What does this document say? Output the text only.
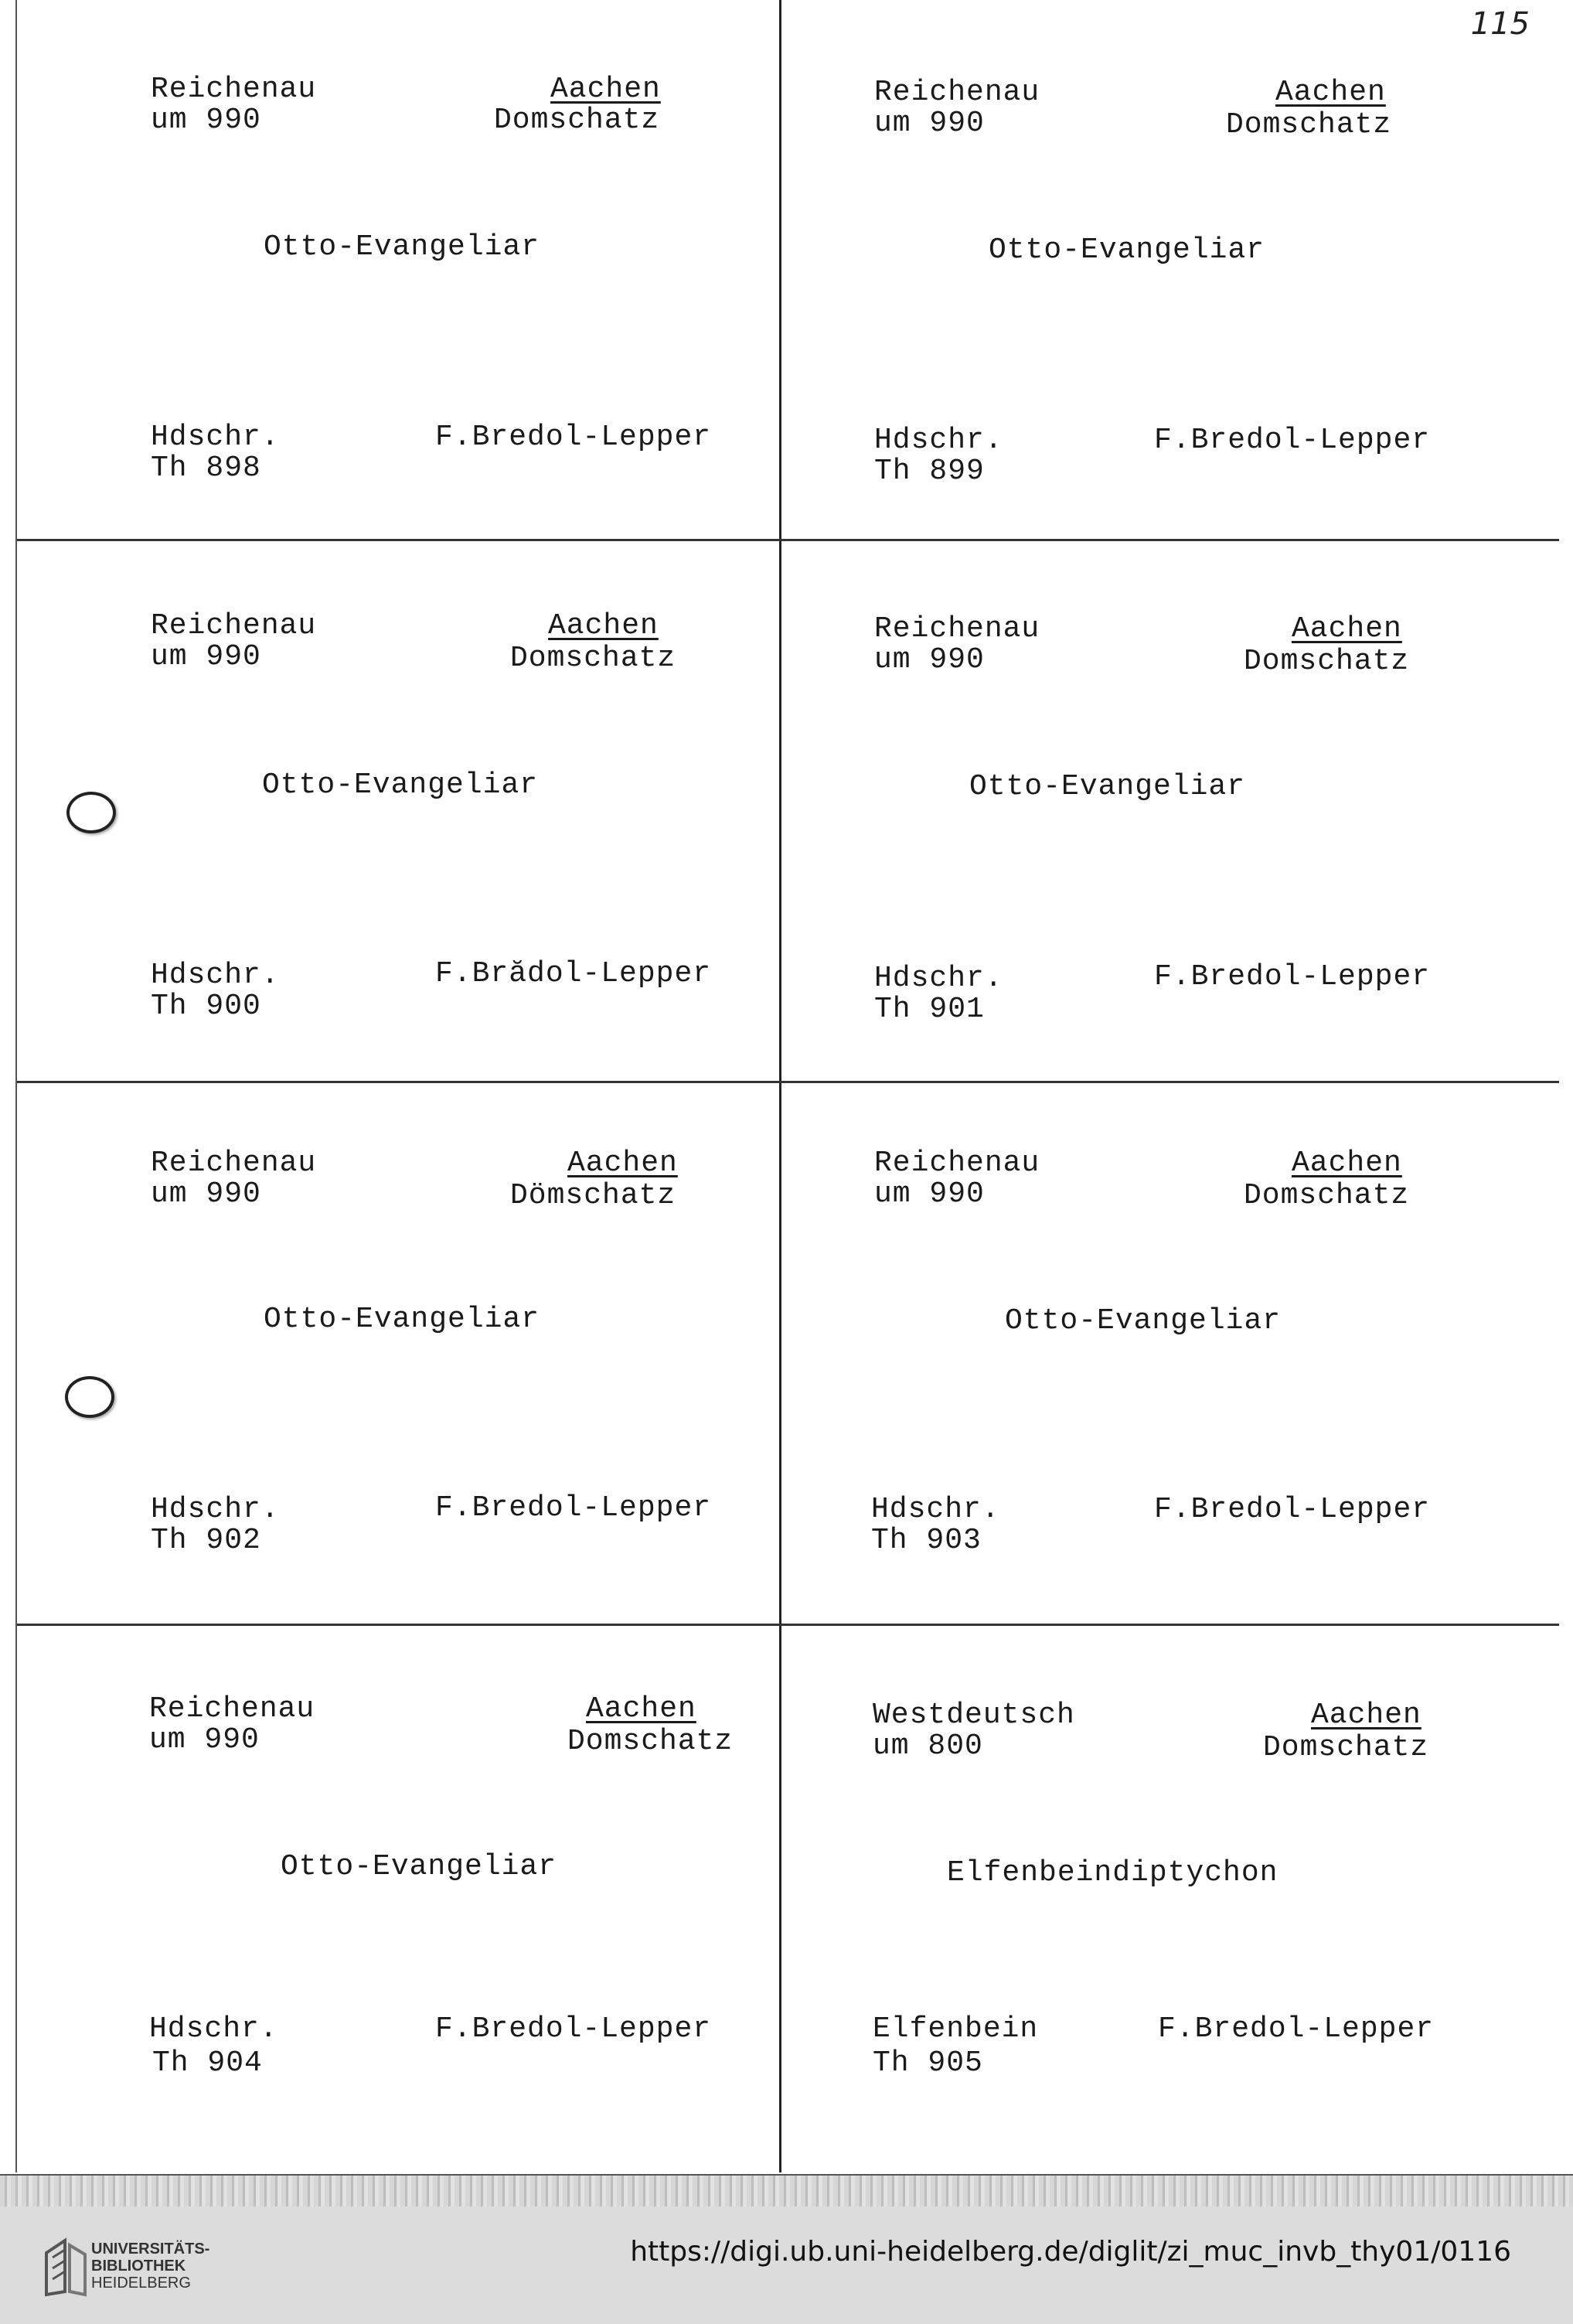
115
Reichenau
um 990
Aachen
Domschatz
Otto-Evangeliar
Hdschr.
Th 898
F.Bredol-Lepper
Reichenau
um 990
Aachen
Domschatz
Otto-Evangeliar
Hdschr.
Th 899
F.Bredol-Lepper
Reichenau
um 990
Aachen
Domschatz
Otto-Evangeliar
Hdschr.
Th 900
F.Brădol-Lepper
Reichenau
um 990
Aachen
Domschatz
Otto-Evangeliar
Hdschr.
Th 901
F.Bredol-Lepper
Reichenau
um 990
Aachen
Dömschatz
Otto-Evangeliar
Hdschr.
Th 902
F.Bredol-Lepper
Reichenau
um 990
Aachen
Domschatz
Otto-Evangeliar
Hdschr.
Th 903
F.Bredol-Lepper
Reichenau
um 990
Aachen
Domschatz
Otto-Evangeliar
Hdschr.
Th 904
F.Bredol-Lepper
Westdeutsch
um 800
Aachen
Domschatz
Elfenbeindiptychon
Elfenbein
Th 905
F.Bredol-Lepper
UNIVERSITÄTS-
BIBLIOTHEK
HEIDELBERG
https://digi.ub.uni-heidelberg.de/diglit/zi_muc_invb_thy01/0116
